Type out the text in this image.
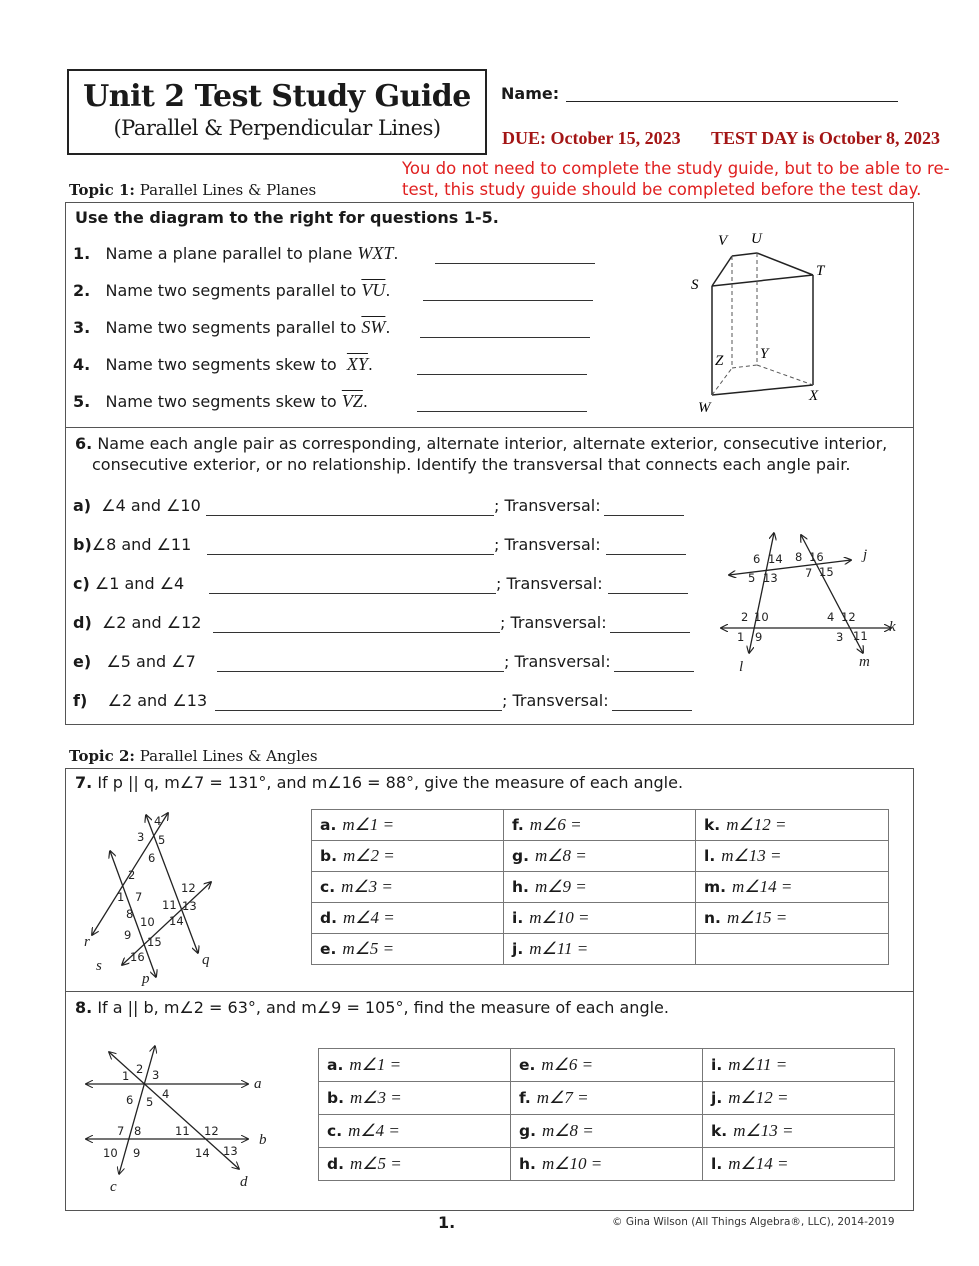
Unit 2 Test Study Guide
(Parallel & Perpendicular Lines)
Name:
DUE: October 15, 2023 TEST DAY is October 8, 2023
You do not need to complete the study guide, but to be able to re-test, this study guide should be completed before the test day.
Topic 1: Parallel Lines & Planes
Use the diagram to the right for questions 1-5.
1. Name a plane parallel to plane WXT.
2. Name two segments parallel to $\overline{VU}$.
3. Name two segments parallel to $\overline{SW}$.
4. Name two segments skew to  $\overline{XY}$.
5. Name two segments skew to $\overline{VZ}$.
V U
S
T
Z Y
W
X
6. Name each angle pair as corresponding, alternate interior, alternate exterior, consecutive interior, consecutive exterior, or no relationship. Identify the transversal that connects each angle pair.
a) ∠4 and ∠10	; Transversal:
b)∠8 and ∠11	; Transversal:
c) ∠1 and ∠4	; Transversal:
d) ∠2 and ∠12	; Transversal:
e) ∠5 and ∠7	; Transversal:
f) ∠2 and ∠13	; Transversal:
6 14 8 16
5 13 7 15
2 10	4 12
1 9	3 11
j
k
l	m
Topic 2: Parallel Lines & Angles
7. If p || q, m∠7 = 131°, and m∠16 = 88°, give the measure of each angle.
4
3 5
6
2
1 7
8
10
9 15
16
11
12
13
14
r
s	q
p
a. m∠1 =	f. m∠6 =	k. m∠12 =
b. m∠2 =	g. m∠8 =	l. m∠13 =
c. m∠3 =	h. m∠9 =	m. m∠14 =
d. m∠4 =	i. m∠10 =	n. m∠15 =
e. m∠5 =	j. m∠11 =	
8. If a || b, m∠2 = 63°, and m∠9 = 105°, find the measure of each angle.
1 2 3
4
6 5
7 8	11 12
10 9	14 13
a
b
c	d
a. m∠1 =	e. m∠6 =	i. m∠11 =
b. m∠3 =	f. m∠7 =	j. m∠12 =
c. m∠4 =	g. m∠8 =	k. m∠13 =
d. m∠5 =	h. m∠10 =	l. m∠14 =
1.	© Gina Wilson (All Things Algebra®, LLC), 2014-2019
